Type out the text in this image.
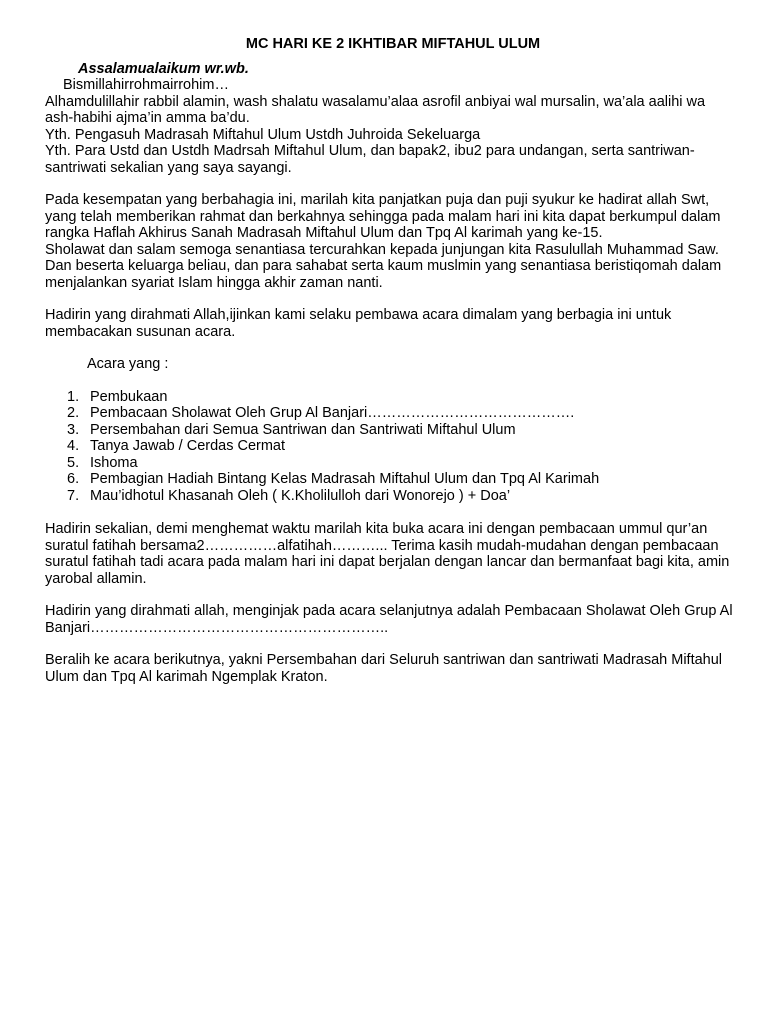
MC HARI KE 2 IKHTIBAR MIFTAHUL ULUM

Assalamualaikum wr.wb.

Bismillahirrohmairrohim…

Alhamdulillahir rabbil alamin, wash shalatu wasalamu’alaa asrofil anbiyai wal mursalin, wa’ala aalihi wa ash-habihi ajma’in amma ba’du.

Yth. Pengasuh Madrasah Miftahul Ulum Ustdh Juhroida Sekeluarga

Yth. Para Ustd dan Ustdh Madrsah Miftahul Ulum, dan bapak2, ibu2 para undangan, serta santriwan-santriwati sekalian yang saya sayangi.

Pada kesempatan yang berbahagia ini, marilah kita panjatkan puja dan puji syukur ke hadirat allah Swt, yang telah memberikan rahmat dan berkahnya sehingga pada malam hari ini kita dapat berkumpul dalam rangka Haflah Akhirus Sanah Madrasah Miftahul Ulum dan Tpq Al karimah yang ke-15.

Sholawat dan salam semoga senantiasa tercurahkan kepada junjungan kita Rasulullah Muhammad Saw. Dan beserta keluarga beliau, dan para sahabat serta kaum muslmin yang senantiasa beristiqomah dalam menjalankan syariat Islam hingga akhir zaman nanti.

Hadirin yang dirahmati Allah,ijinkan kami selaku pembawa acara dimalam yang berbagia ini untuk membacakan susunan acara.

Acara yang :

1. Pembukaan
2. Pembacaan Sholawat Oleh Grup Al Banjari…………………………………….
3. Persembahan dari Semua Santriwan dan Santriwati Miftahul Ulum
4. Tanya Jawab / Cerdas Cermat
5. Ishoma
6. Pembagian Hadiah Bintang Kelas Madrasah Miftahul Ulum dan Tpq Al Karimah
7. Mau’idhotul Khasanah Oleh ( K.Kholilulloh dari Wonorejo ) + Doa’

Hadirin sekalian, demi menghemat waktu marilah kita buka acara ini dengan pembacaan ummul qur’an suratul fatihah bersama2……………alfatihah………... Terima kasih mudah-mudahan dengan pembacaan suratul fatihah tadi acara pada malam hari ini dapat berjalan dengan lancar dan bermanfaat bagi kita, amin yarobal allamin.

Hadirin yang dirahmati allah, menginjak pada acara selanjutnya adalah Pembacaan Sholawat Oleh Grup Al Banjari……………………………………………………..

Beralih ke acara berikutnya, yakni Persembahan dari Seluruh santriwan dan santriwati Madrasah Miftahul Ulum dan Tpq Al karimah Ngemplak Kraton.
